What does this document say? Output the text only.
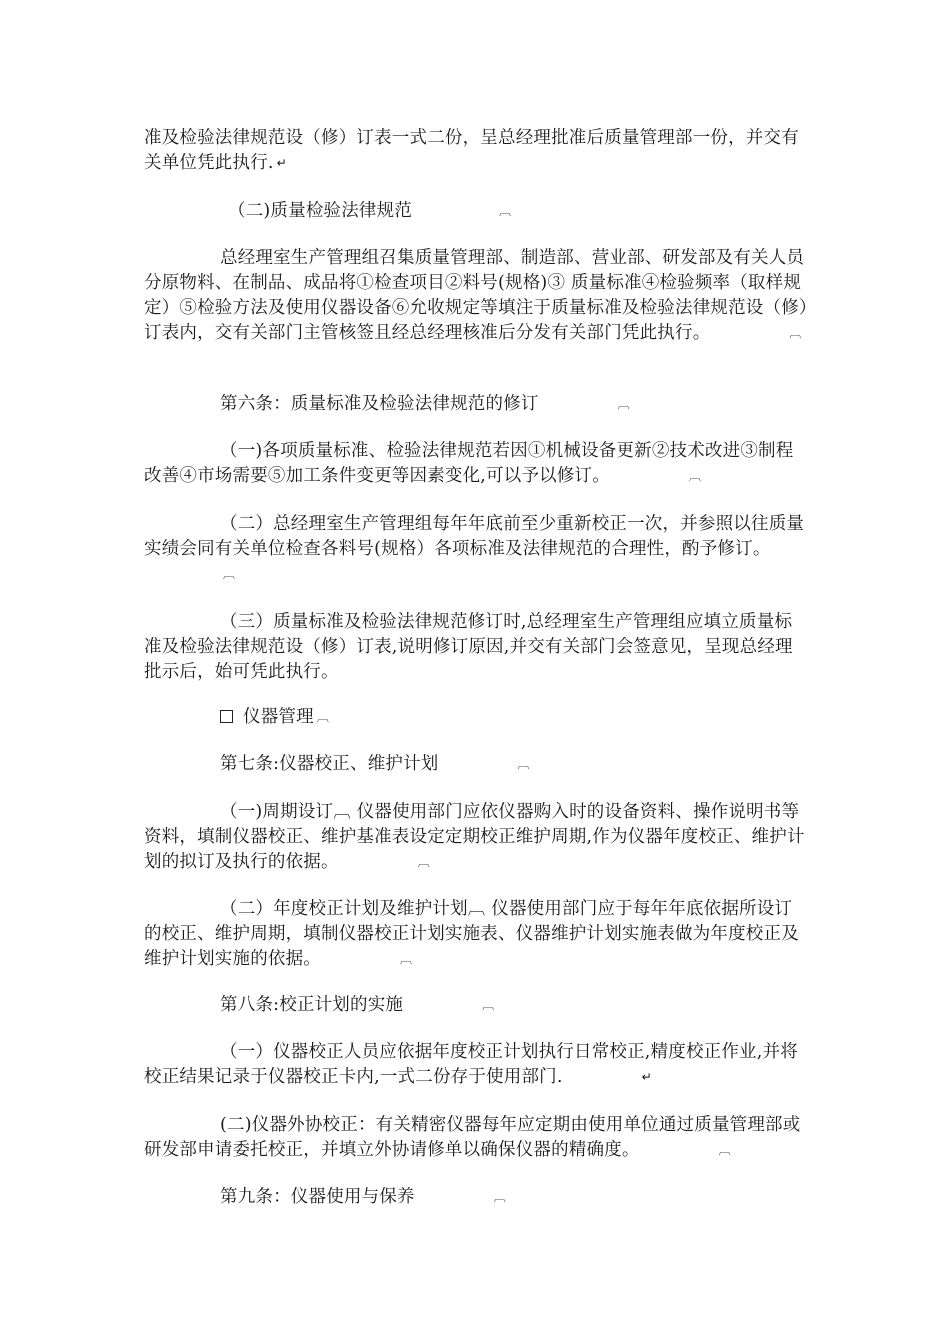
准及检验法律规范设（修）订表一式二份，呈总经理批准后质量管理部一份，并交有关单位凭此执行. ↵

（二)质量检验法律规范	︹

总经理室生产管理组召集质量管理部、制造部、营业部、研发部及有关人员分原物料、在制品、成品将①检查项目②料号(规格)③ 质量标准④检验频率（取样规定）⑤检验方法及使用仪器设备⑥允收规定等填注于质量标准及检验法律规范设（修）订表内，交有关部门主管核签且经总经理核准后分发有关部门凭此执行。	︹

第六条：质量标准及检验法律规范的修订	︹

（一)各项质量标准、检验法律规范若因①机械设备更新②技术改进③制程改善④市场需要⑤加工条件变更等因素变化,可以予以修订。	︹

（二）总经理室生产管理组每年年底前至少重新校正一次，并参照以往质量实绩会同有关单位检查各料号(规格）各项标准及法律规范的合理性，酌予修订。︹

（三）质量标准及检验法律规范修订时,总经理室生产管理组应填立质量标准及检验法律规范设（修）订表,说明修订原因,并交有关部门会签意见，呈现总经理批示后，始可凭此执行。

仪器管理 ︹

第七条:仪器校正、维护计划	︹

（一)周期设订︹ 仪器使用部门应依仪器购入时的设备资料、操作说明书等资料，填制仪器校正、维护基准表设定定期校正维护周期,作为仪器年度校正、维护计划的拟订及执行的依据。	︹

（二）年度校正计划及维护计划︹ 仪器使用部门应于每年年底依据所设订的校正、维护周期，填制仪器校正计划实施表、仪器维护计划实施表做为年度校正及维护计划实施的依据。	︹

第八条:校正计划的实施	︹

（一）仪器校正人员应依据年度校正计划执行日常校正,精度校正作业,并将校正结果记录于仪器校正卡内,一式二份存于使用部门.	↵

(二)仪器外协校正：有关精密仪器每年应定期由使用单位通过质量管理部或研发部申请委托校正，并填立外协请修单以确保仪器的精确度。	︹

第九条：仪器使用与保养	︹
